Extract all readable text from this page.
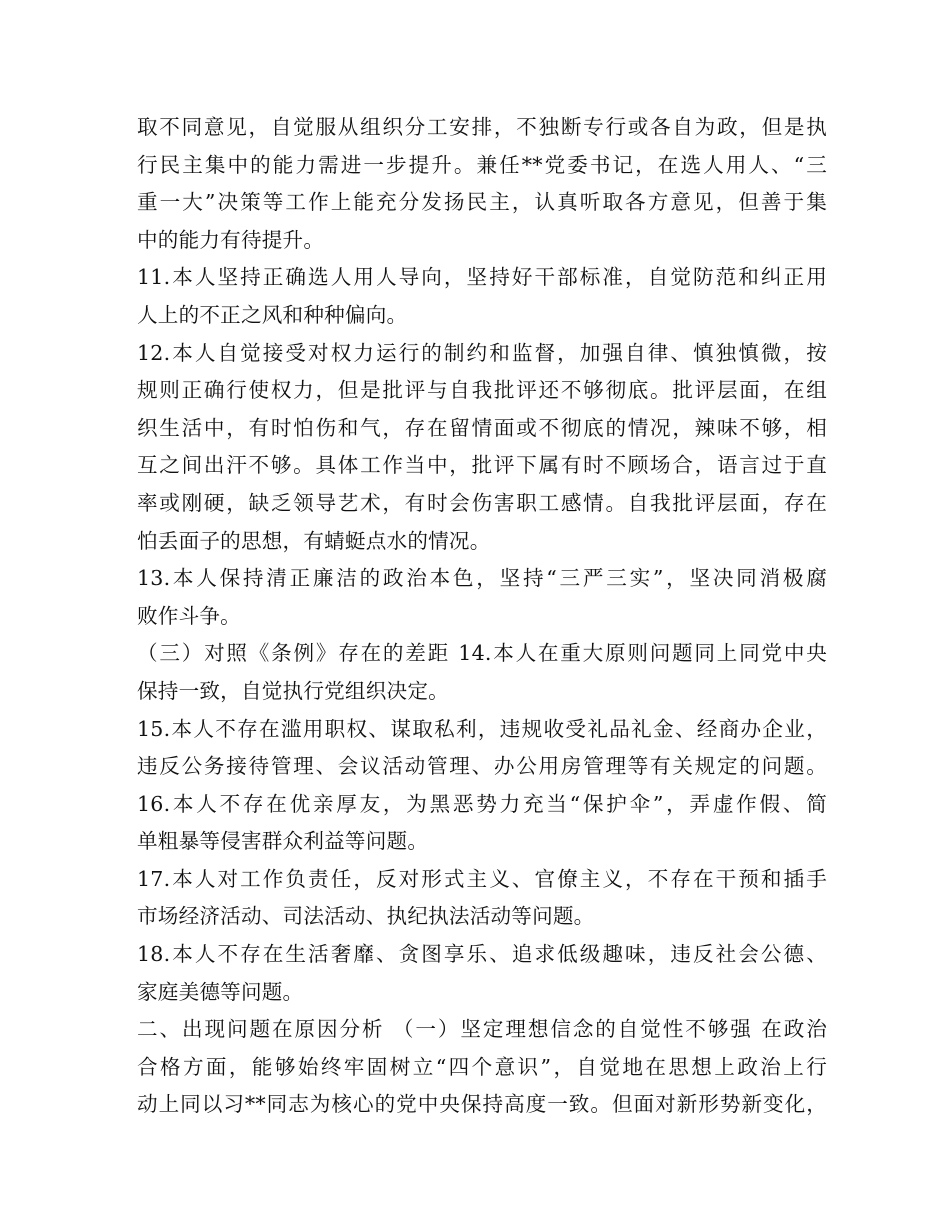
取不同意见，自觉服从组织分工安排，不独断专行或各自为政，但是执
行民主集中的能力需进一步提升。兼任**党委书记，在选人用人、“三
重一大”决策等工作上能充分发扬民主，认真听取各方意见，但善于集
中的能力有待提升。
11.本人坚持正确选人用人导向，坚持好干部标准，自觉防范和纠正用
人上的不正之风和种种偏向。
12.本人自觉接受对权力运行的制约和监督，加强自律、慎独慎微，按
规则正确行使权力，但是批评与自我批评还不够彻底。批评层面，在组
织生活中，有时怕伤和气，存在留情面或不彻底的情况，辣味不够，相
互之间出汗不够。具体工作当中，批评下属有时不顾场合，语言过于直
率或刚硬，缺乏领导艺术，有时会伤害职工感情。自我批评层面，存在
怕丢面子的思想，有蜻蜓点水的情况。
13.本人保持清正廉洁的政治本色，坚持“三严三实”，坚决同消极腐
败作斗争。
（三）对照《条例》存在的差距 14.本人在重大原则问题同上同党中央
保持一致，自觉执行党组织决定。
15.本人不存在滥用职权、谋取私利，违规收受礼品礼金、经商办企业，
违反公务接待管理、会议活动管理、办公用房管理等有关规定的问题。
16.本人不存在优亲厚友，为黑恶势力充当“保护伞”，弄虚作假、简
单粗暴等侵害群众利益等问题。
17.本人对工作负责任，反对形式主义、官僚主义，不存在干预和插手
市场经济活动、司法活动、执纪执法活动等问题。
18.本人不存在生活奢靡、贪图享乐、追求低级趣味，违反社会公德、
家庭美德等问题。
二、出现问题在原因分析 （一）坚定理想信念的自觉性不够强 在政治
合格方面，能够始终牢固树立“四个意识”，自觉地在思想上政治上行
动上同以习**同志为核心的党中央保持高度一致。但面对新形势新变化，
